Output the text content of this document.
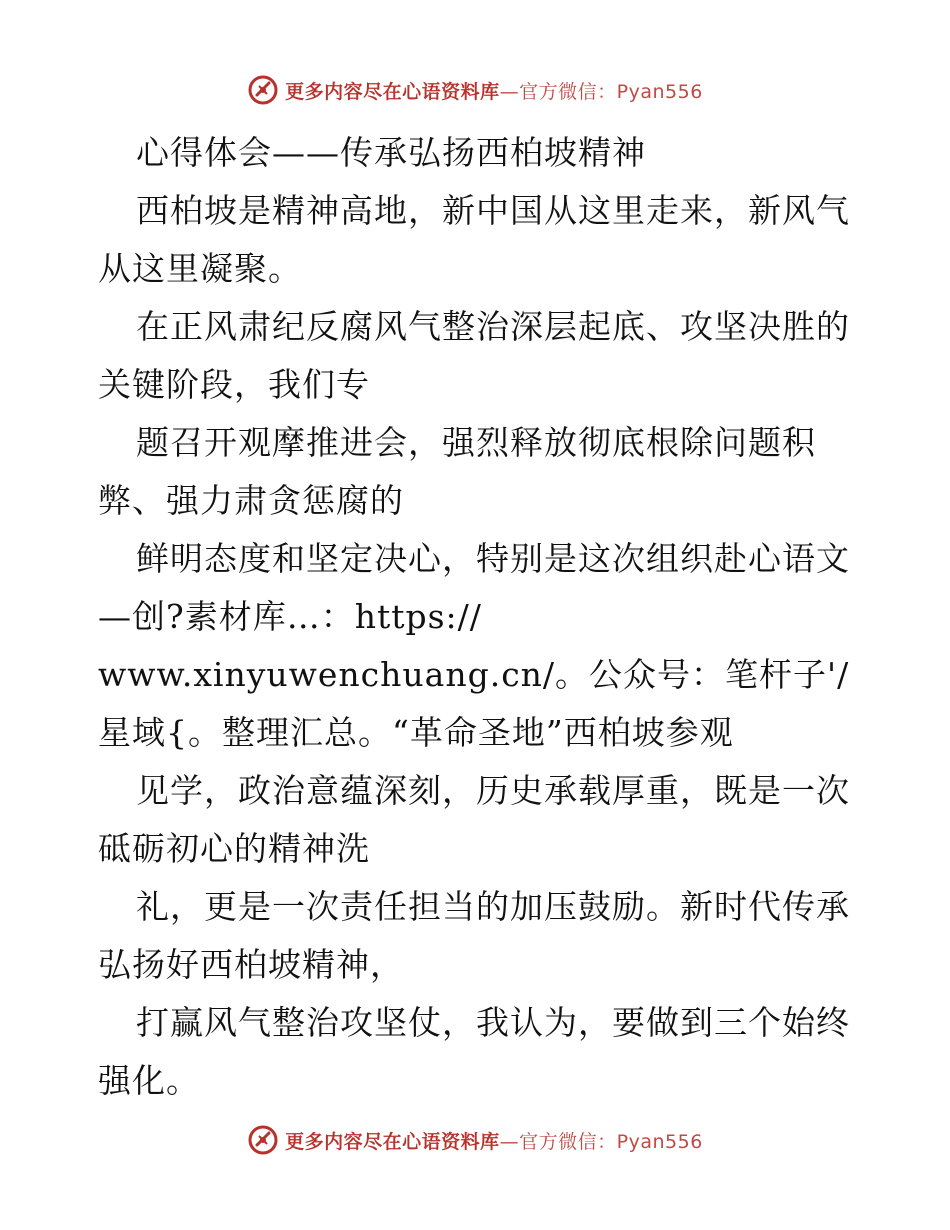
更多内容尽在心语资料库—官方微信：Pyan556

心得体会——传承弘扬西柏坡精神

西柏坡是精神高地，新中国从这里走来，新风气从这里凝聚。

在正风肃纪反腐风气整治深层起底、攻坚决胜的关键阶段，我们专

题召开观摩推进会，强烈释放彻底根除问题积弊、强力肃贪惩腐的

鲜明态度和坚定决心，特别是这次组织赴心语文—创?素材库…：https://

www.xinyuwenchuang.cn/。公众号：笔杆子'/星域{。整理汇总。“革命圣地”西柏坡参观

见学，政治意蕴深刻，历史承载厚重，既是一次砥砺初心的精神洗

礼，更是一次责任担当的加压鼓励。新时代传承弘扬好西柏坡精神，

打赢风气整治攻坚仗，我认为，要做到三个始终强化。

更多内容尽在心语资料库—官方微信：Pyan556
